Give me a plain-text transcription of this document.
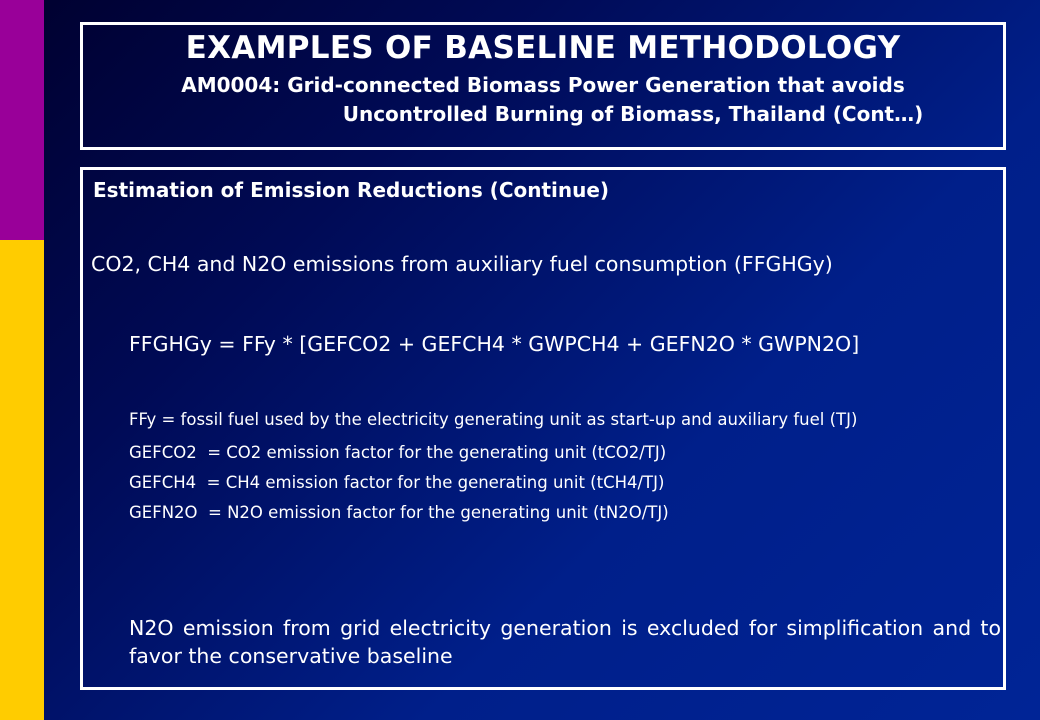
EXAMPLES OF BASELINE METHODOLOGY
AM0004: Grid-connected Biomass Power Generation that avoids
Uncontrolled Burning of Biomass, Thailand (Cont…)
Estimation of Emission Reductions (Continue)
CO2, CH4 and N2O emissions from auxiliary fuel consumption (FFGHGy)
FFGHGy = FFy * [GEFCO2 + GEFCH4 * GWPCH4 + GEFN2O * GWPN2O]
FFy = fossil fuel used by the electricity generating unit as start-up and auxiliary fuel (TJ)
GEFCO2  = CO2 emission factor for the generating unit (tCO2/TJ)
GEFCH4  = CH4 emission factor for the generating unit (tCH4/TJ)
GEFN2O  = N2O emission factor for the generating unit (tN2O/TJ)
N2O emission from grid electricity generation is excluded for simplification and to favor the conservative baseline
